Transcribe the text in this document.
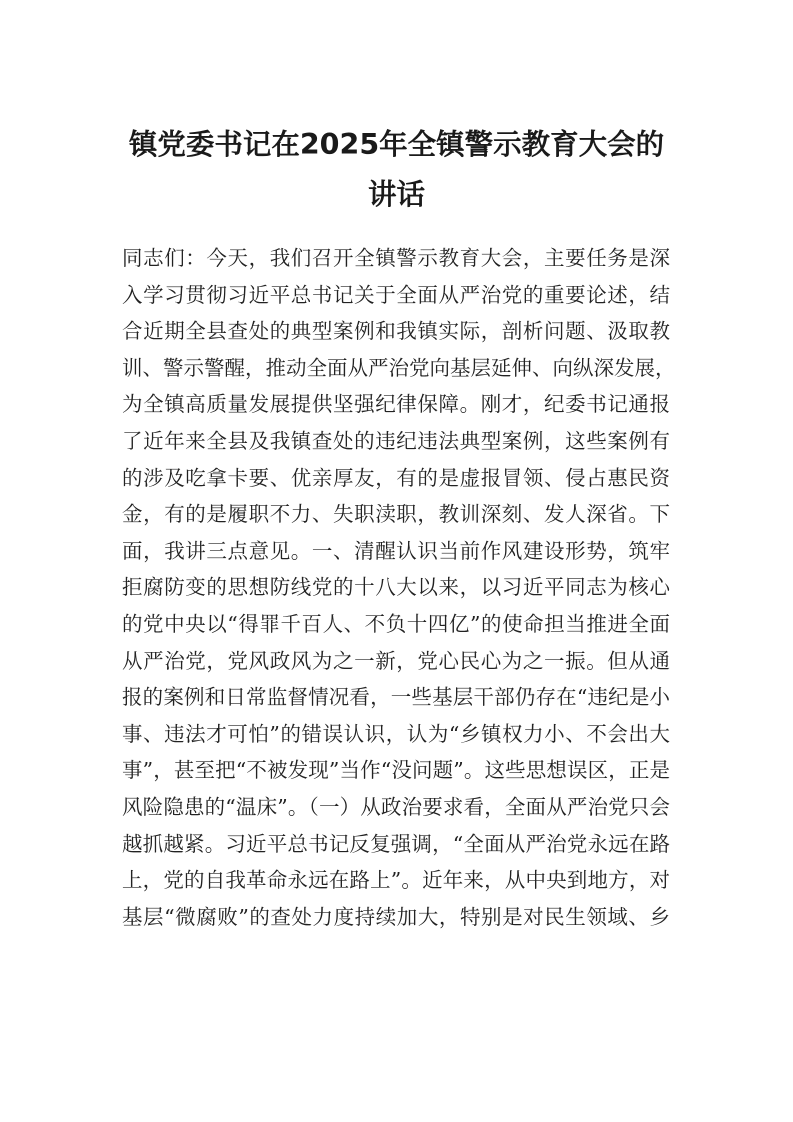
镇党委书记在2025年全镇警示教育大会的
讲话
同志们：今天，我们召开全镇警示教育大会，主要任务是深
入学习贯彻习近平总书记关于全面从严治党的重要论述，结
合近期全县查处的典型案例和我镇实际，剖析问题、汲取教
训、警示警醒，推动全面从严治党向基层延伸、向纵深发展，
为全镇高质量发展提供坚强纪律保障。刚才，纪委书记通报
了近年来全县及我镇查处的违纪违法典型案例，这些案例有
的涉及吃拿卡要、优亲厚友，有的是虚报冒领、侵占惠民资
金，有的是履职不力、失职渎职，教训深刻、发人深省。下
面，我讲三点意见。一、清醒认识当前作风建设形势，筑牢
拒腐防变的思想防线党的十八大以来，以习近平同志为核心
的党中央以“得罪千百人、不负十四亿”的使命担当推进全面
从严治党，党风政风为之一新，党心民心为之一振。但从通
报的案例和日常监督情况看，一些基层干部仍存在“违纪是小
事、违法才可怕”的错误认识，认为“乡镇权力小、不会出大
事”，甚至把“不被发现”当作“没问题”。这些思想误区，正是
风险隐患的“温床”。（一）从政治要求看，全面从严治党只会
越抓越紧。习近平总书记反复强调，“全面从严治党永远在路
上，党的自我革命永远在路上”。近年来，从中央到地方，对
基层“微腐败”的查处力度持续加大，特别是对民生领域、乡
